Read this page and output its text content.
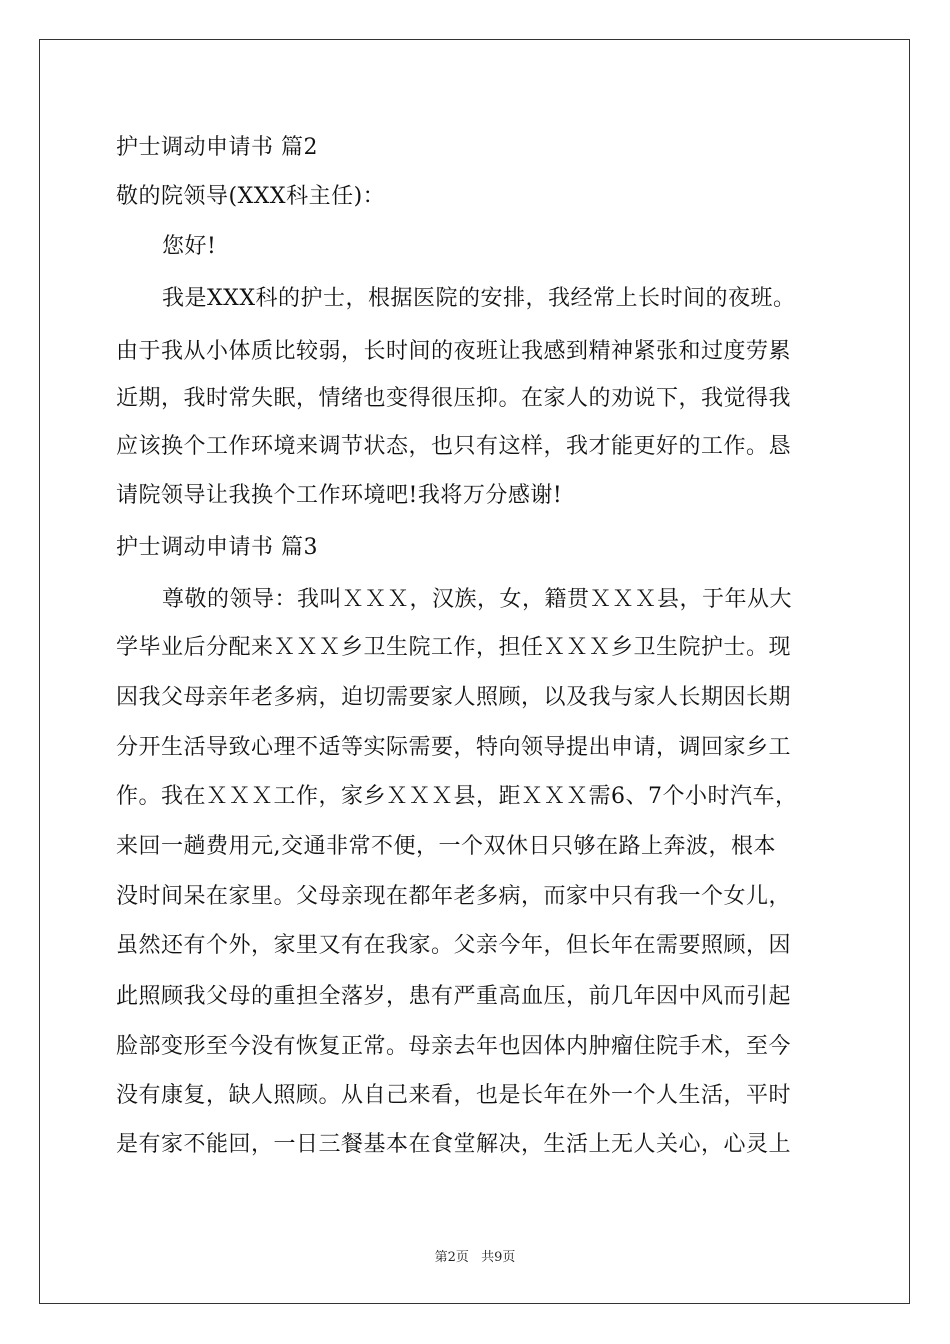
护士调动申请书 篇2
敬的院领导(XXX科主任)：
您好!
我是XXX科的护士，根据医院的安排，我经常上长时间的夜班。
由于我从小体质比较弱，长时间的夜班让我感到精神紧张和过度劳累
近期，我时常失眠，情绪也变得很压抑。在家人的劝说下，我觉得我
应该换个工作环境来调节状态，也只有这样，我才能更好的工作。恳
请院领导让我换个工作环境吧!我将万分感谢!
护士调动申请书 篇3
尊敬的领导：我叫ＸＸＸ，汉族，女，籍贯ＸＸＸ县，于年从大
学毕业后分配来ＸＸＸ乡卫生院工作，担任ＸＸＸ乡卫生院护士。现
因我父母亲年老多病，迫切需要家人照顾，以及我与家人长期因长期
分开生活导致心理不适等实际需要，特向领导提出申请，调回家乡工
作。我在ＸＸＸ工作，家乡ＸＸＸ县，距ＸＸＸ需6、7个小时汽车，
来回一趟费用元,交通非常不便，一个双休日只够在路上奔波，根本
没时间呆在家里。父母亲现在都年老多病，而家中只有我一个女儿，
虽然还有个外，家里又有在我家。父亲今年，但长年在需要照顾，因
此照顾我父母的重担全落岁，患有严重高血压，前几年因中风而引起
脸部变形至今没有恢复正常。母亲去年也因体内肿瘤住院手术，至今
没有康复，缺人照顾。从自己来看，也是长年在外一个人生活，平时
是有家不能回，一日三餐基本在食堂解决，生活上无人关心，心灵上
第2页 共9页
